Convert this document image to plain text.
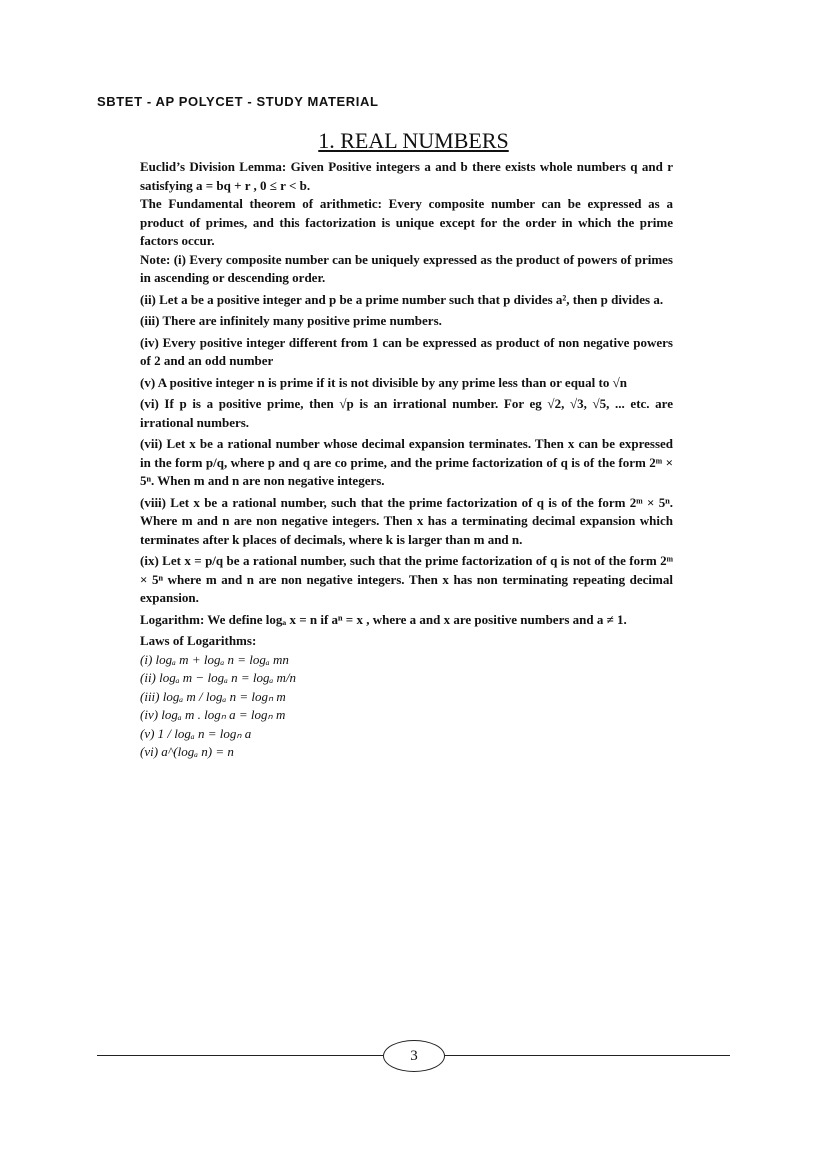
SBTET - AP POLYCET - STUDY MATERIAL
1. REAL NUMBERS

Euclid’s Division Lemma: Given Positive integers a and b there exists whole numbers q and r satisfying a = bq + r , 0 ≤ r < b.

The Fundamental theorem of arithmetic: Every composite number can be expressed as a product of primes, and this factorization is unique except for the order in which the prime factors occur.

Note: (i) Every composite number can be uniquely expressed as the product of powers of primes in ascending or descending order.

(ii) Let a be a positive integer and p be a prime number such that p divides a², then p divides a.

(iii) There are infinitely many positive prime numbers.

(iv) Every positive integer different from 1 can be expressed as product of non negative powers of 2 and an odd number

(v) A positive integer n is prime if it is not divisible by any prime less than or equal to √n

(vi) If p is a positive prime, then √p is an irrational number. For eg √2, √3, √5, ... etc. are irrational numbers.

(vii) Let x be a rational number whose decimal expansion terminates. Then x can be expressed in the form p/q, where p and q are co prime, and the prime factorization of q is of the form 2ᵐ × 5ⁿ. When m and n are non negative integers.

(viii) Let x be a rational number, such that the prime factorization of q is of the form 2ᵐ × 5ⁿ. Where m and n are non negative integers. Then x has a terminating decimal expansion which terminates after k places of decimals, where k is larger than m and n.

(ix) Let x = p/q be a rational number, such that the prime factorization of q is not of the form 2ᵐ × 5ⁿ where m and n are non negative integers. Then x has non terminating repeating decimal expansion.

Logarithm: We define logₐ x = n if aⁿ = x , where a and x are positive numbers and a ≠ 1.

Laws of Logarithms:

(i) logₐ m + logₐ n = logₐ mn

(ii) logₐ m − logₐ n = logₐ m/n

(iii) logₐ m / logₐ n = logₙ m

(iv) logₐ m . logₙ a = logₙ m

(v) 1 / logₐ n = logₙ a

(vi) a^(logₐ n) = n

3
